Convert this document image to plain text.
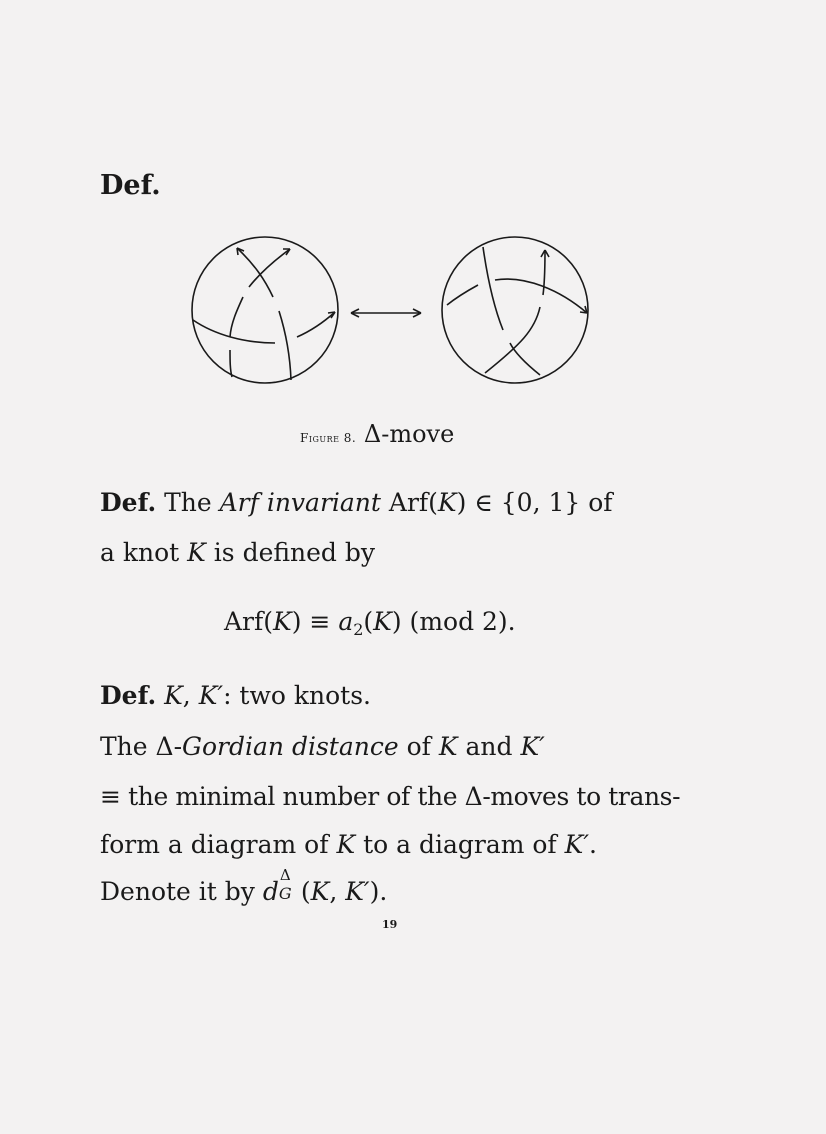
Def.
Figure 8. Δ-move
Def. The Arf invariant Arf(K) ∈ {0, 1} of
a knot K is defined by
$Arf(K) \equiv a_2(K)$ (mod 2).
Def. K, K′: two knots.
The Δ-Gordian distance of K and K′
≡ the minimal number of the Δ-moves to trans-
form a diagram of K to a diagram of K′.
Denote it by d
Δ
G (K, K′).
19
